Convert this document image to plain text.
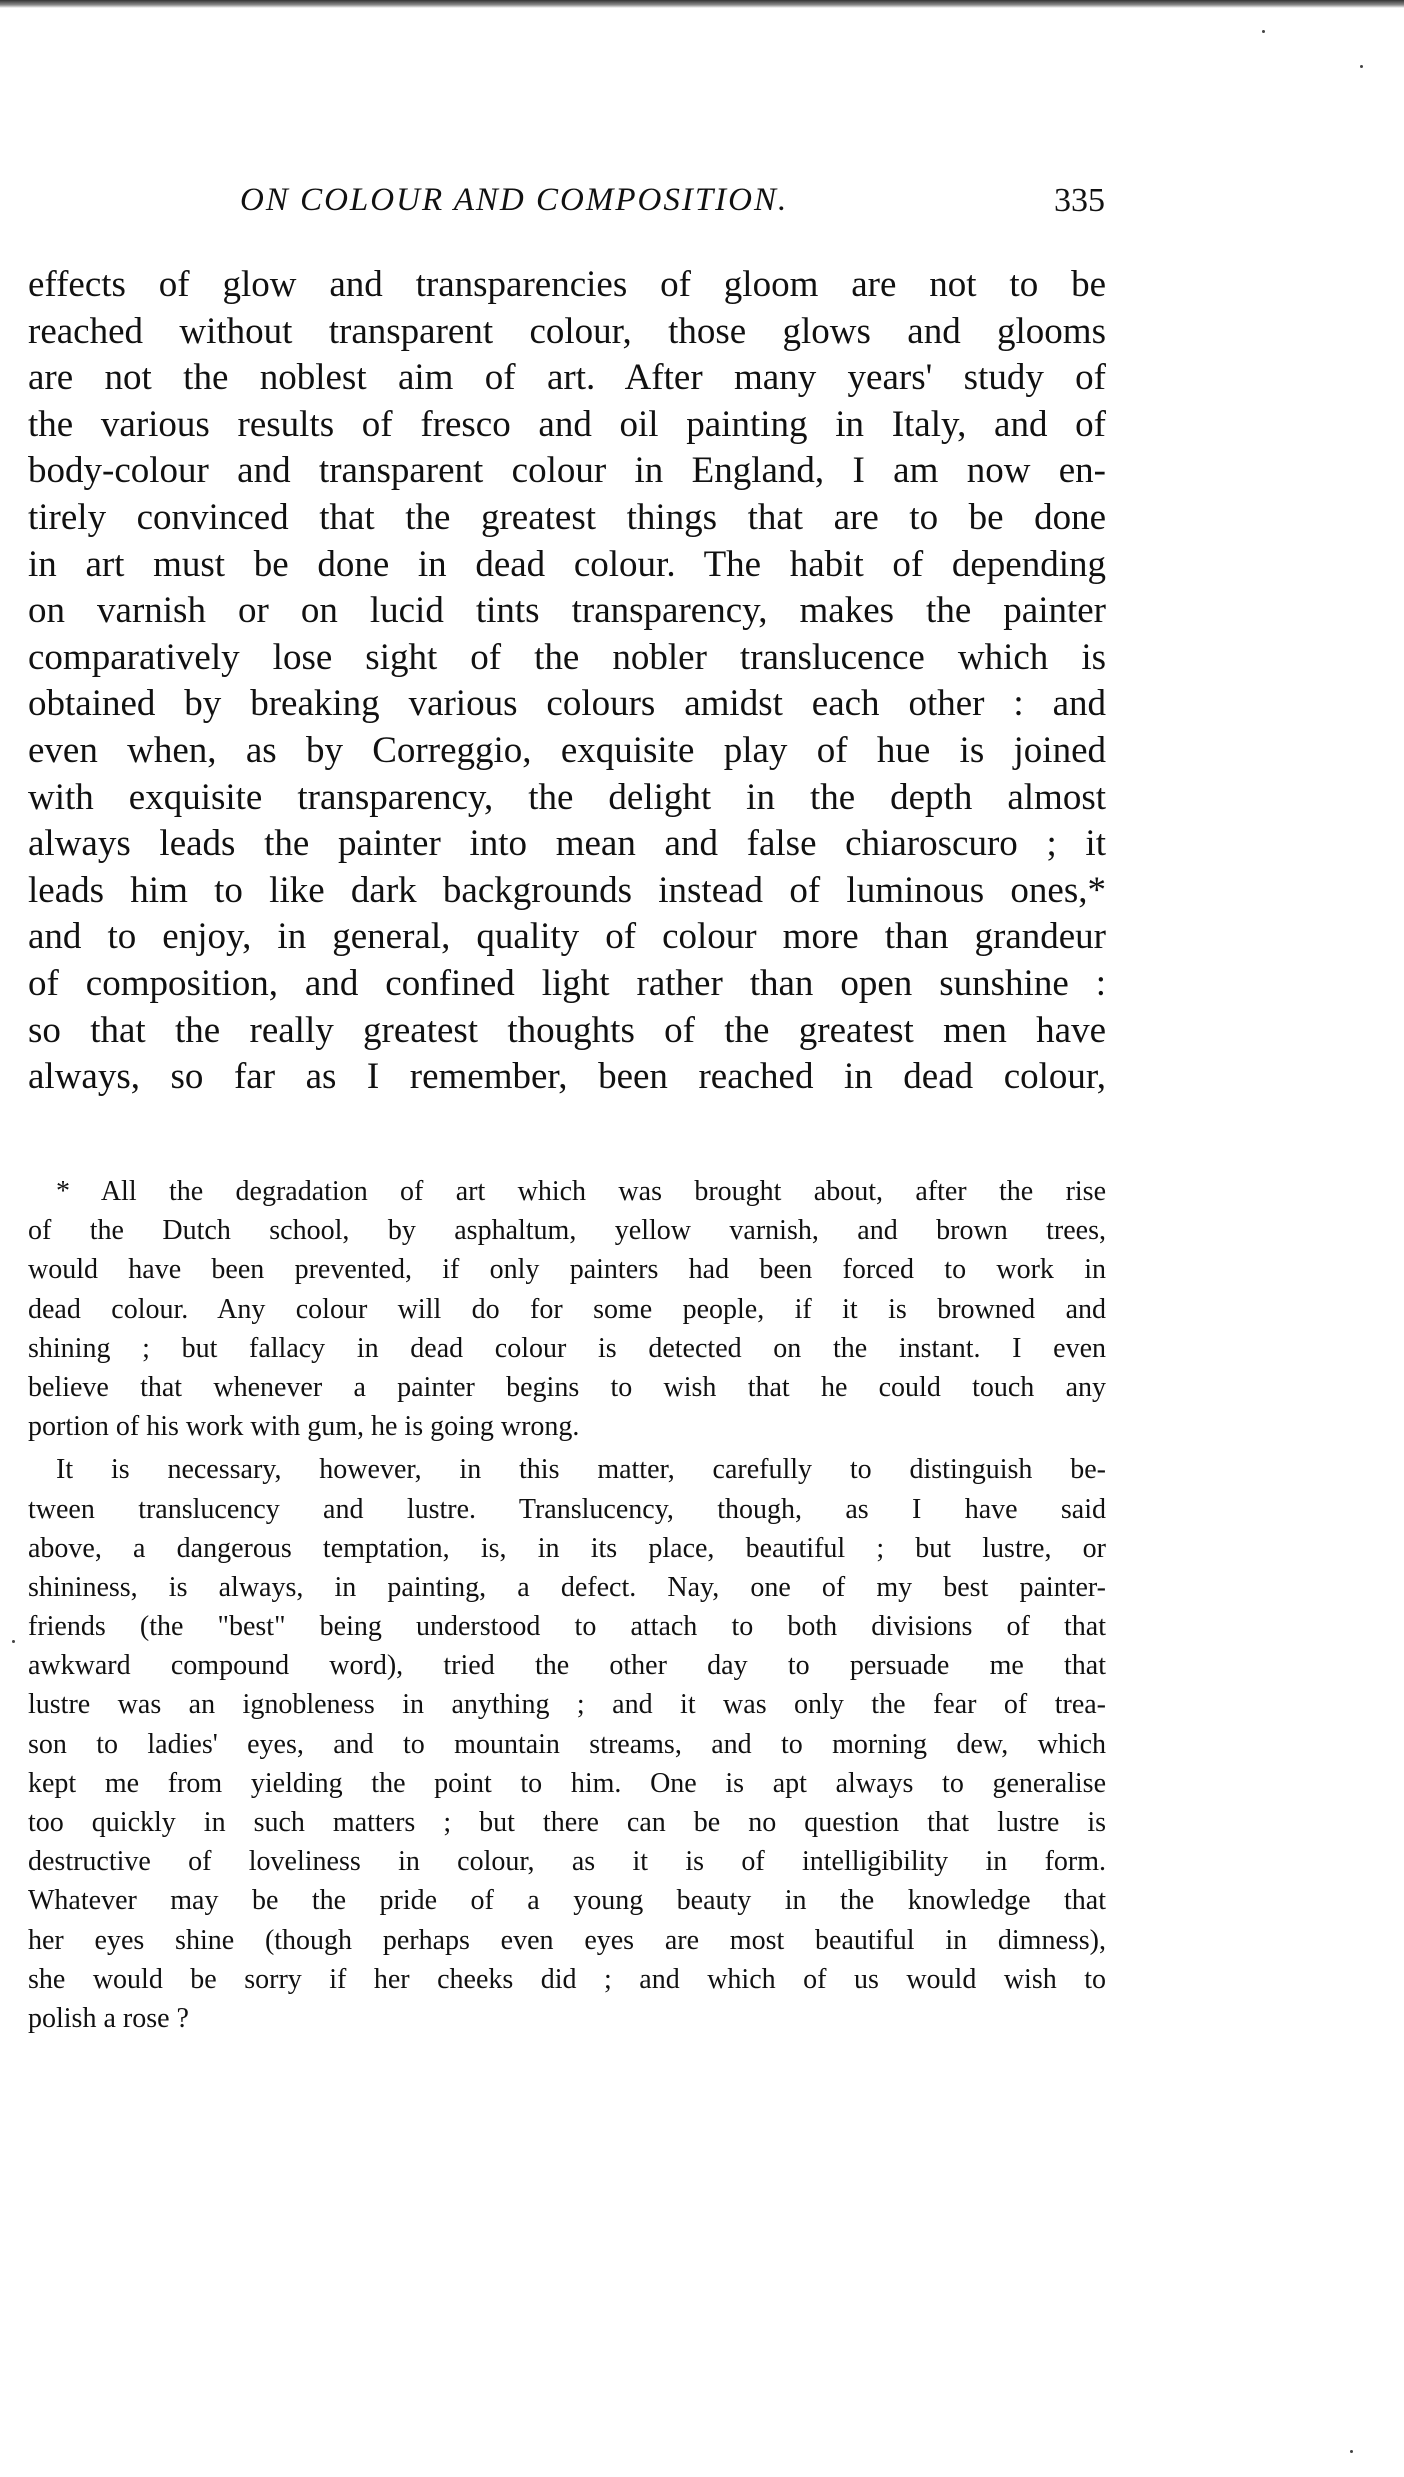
ON COLOUR AND COMPOSITION.	335
effects of glow and transparencies of gloom are not to be
reached without transparent colour, those glows and glooms
are not the noblest aim of art. After many years' study of
the various results of fresco and oil painting in Italy, and of
body-colour and transparent colour in England, I am now en-
tirely convinced that the greatest things that are to be done
in art must be done in dead colour. The habit of depending
on varnish or on lucid tints transparency, makes the painter
comparatively lose sight of the nobler translucence which is
obtained by breaking various colours amidst each other : and
even when, as by Correggio, exquisite play of hue is joined
with exquisite transparency, the delight in the depth almost
always leads the painter into mean and false chiaroscuro ; it
leads him to like dark backgrounds instead of luminous ones,*
and to enjoy, in general, quality of colour more than grandeur
of composition, and confined light rather than open sunshine :
so that the really greatest thoughts of the greatest men have
always, so far as I remember, been reached in dead colour,
* All the degradation of art which was brought about, after the rise
of the Dutch school, by asphaltum, yellow varnish, and brown trees,
would have been prevented, if only painters had been forced to work in
dead colour. Any colour will do for some people, if it is browned and
shining ; but fallacy in dead colour is detected on the instant. I even
believe that whenever a painter begins to wish that he could touch any
portion of his work with gum, he is going wrong.
It is necessary, however, in this matter, carefully to distinguish be-
tween translucency and lustre. Translucency, though, as I have said
above, a dangerous temptation, is, in its place, beautiful ; but lustre, or
shininess, is always, in painting, a defect. Nay, one of my best painter-
friends (the "best" being understood to attach to both divisions of that
awkward compound word), tried the other day to persuade me that
lustre was an ignobleness in anything ; and it was only the fear of trea-
son to ladies' eyes, and to mountain streams, and to morning dew, which
kept me from yielding the point to him. One is apt always to generalise
too quickly in such matters ; but there can be no question that lustre is
destructive of loveliness in colour, as it is of intelligibility in form.
Whatever may be the pride of a young beauty in the knowledge that
her eyes shine (though perhaps even eyes are most beautiful in dimness),
she would be sorry if her cheeks did ; and which of us would wish to
polish a rose ?
